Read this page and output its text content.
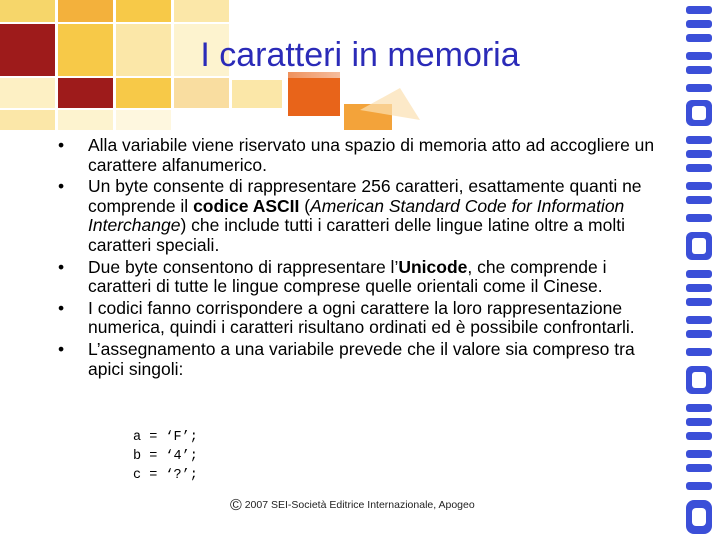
I caratteri in memoria
• Alla variabile viene riservato una spazio di memoria atto ad accogliere un carattere alfanumerico.
• Un byte consente di rappresentare 256 caratteri, esattamente quanti ne comprende il codice ASCII (American Standard Code for Information Interchange) che include tutti i caratteri delle lingue latine oltre a molti caratteri speciali.
• Due byte consentono di rappresentare l’Unicode, che comprende i caratteri di tutte le lingue comprese quelle orientali come il Cinese.
• I codici fanno corrispondere a ogni carattere la loro rappresentazione numerica, quindi i caratteri risultano ordinati ed è possibile confrontarli.
• L’assegnamento a una variabile prevede che il valore sia compreso tra apici singoli:
a = ‘F’;
b = ‘4’;
c = ‘?’;
© 2007 SEI-Società Editrice Internazionale, Apogeo
